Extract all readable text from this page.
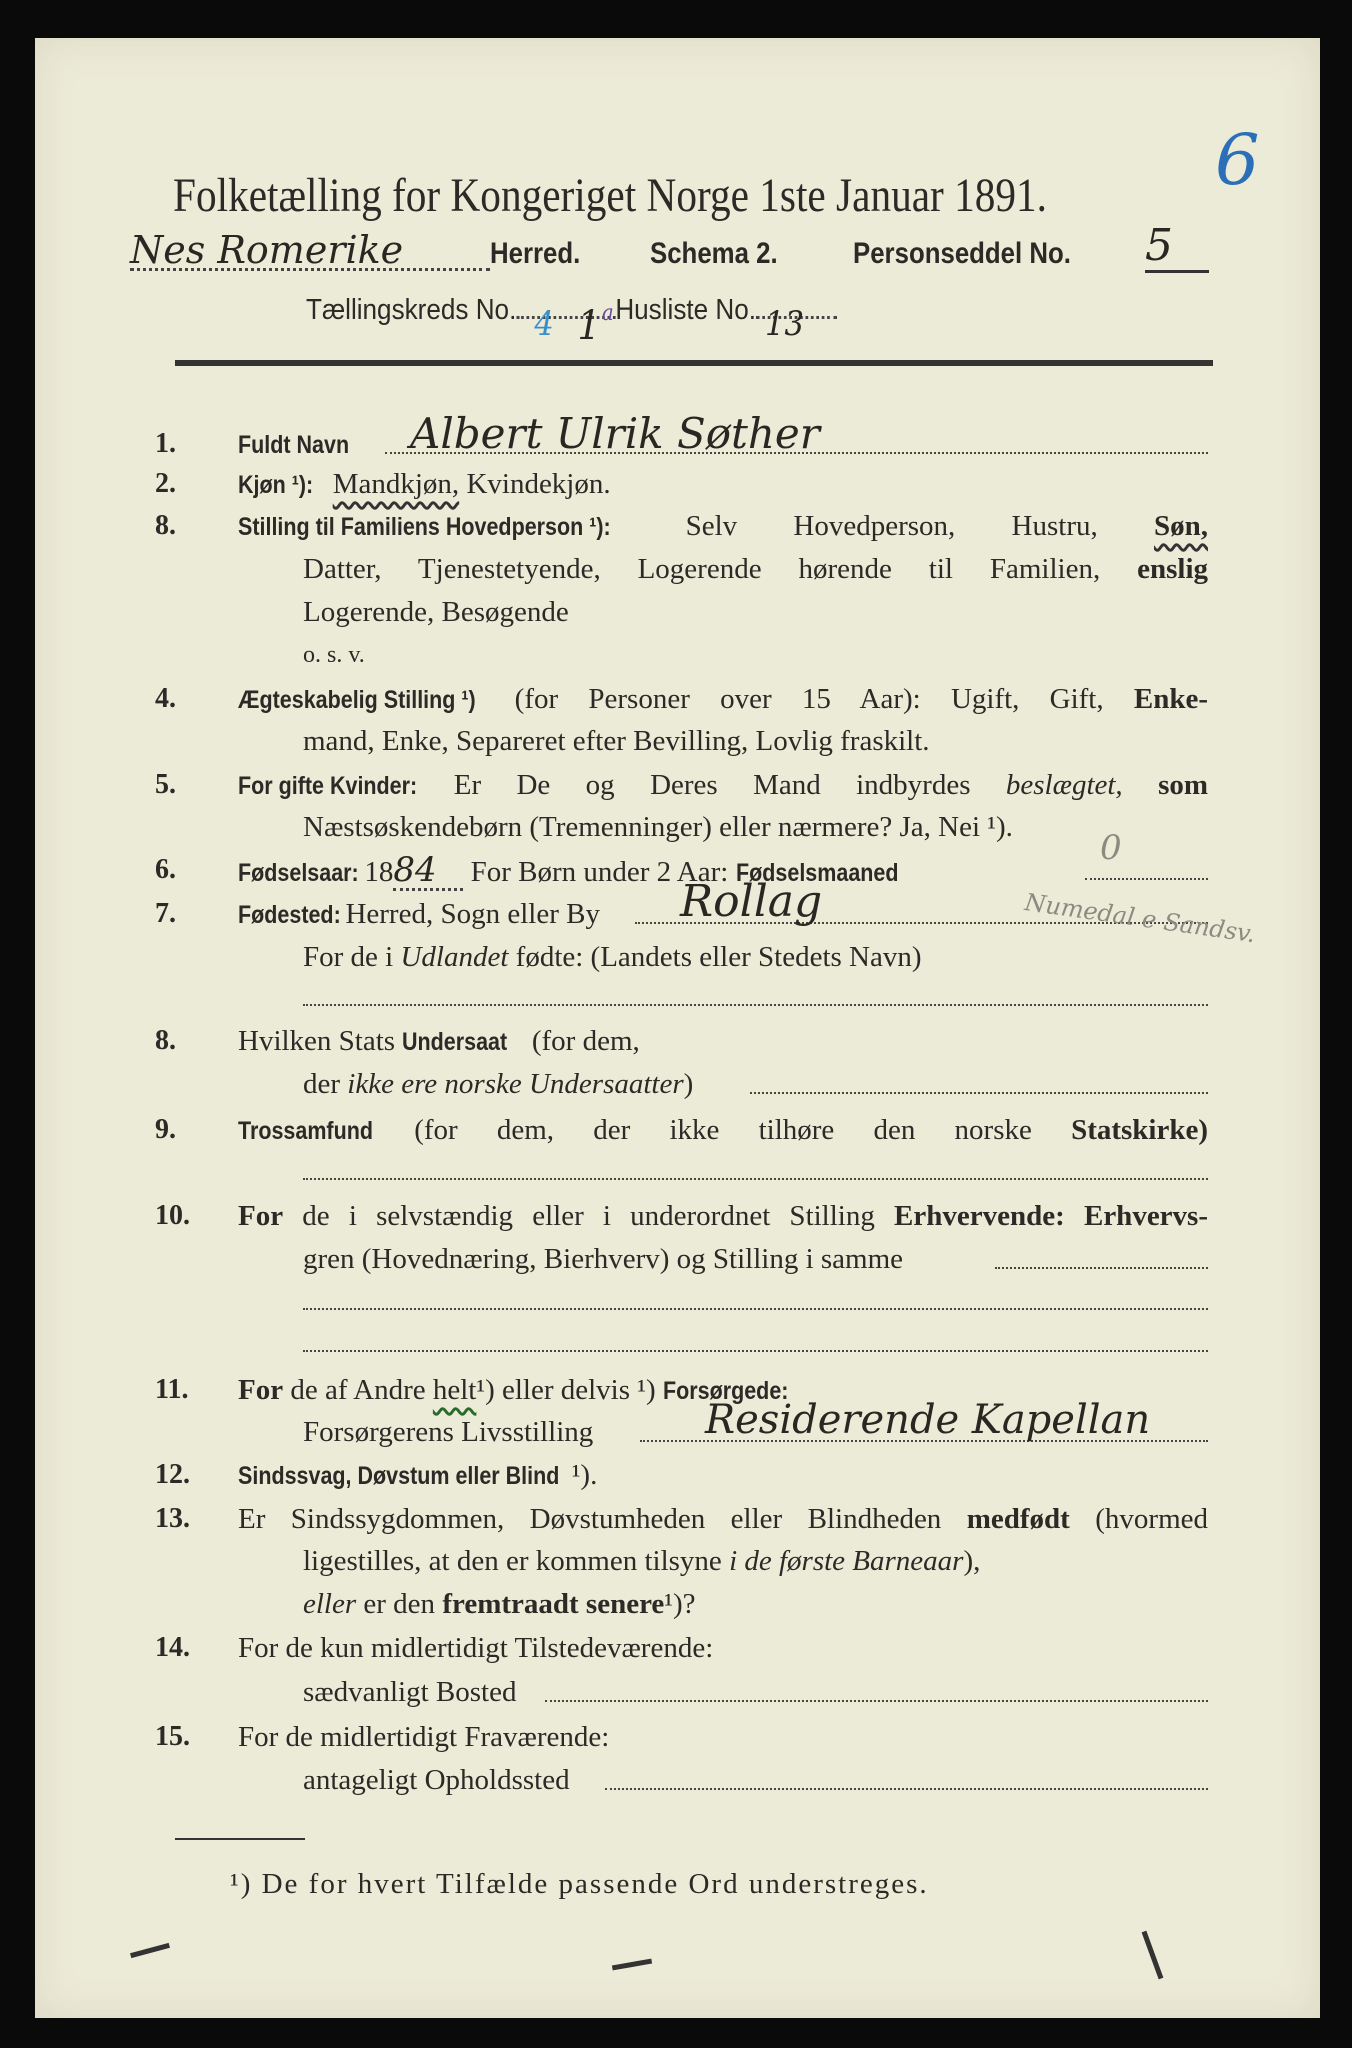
Folketælling for Kongeriget Norge 1ste Januar 1891. 6
Nes Romerike	Herred.	Schema 2.	Personseddel No. 5
Tællingskreds No. 4 1 a Husliste No. 13
1. Fuldt Navn	Albert Ulrik Søther
2. Kjøn ¹): Mandkjøn, Kvindekjøn.
8. Stilling til Familiens Hovedperson ¹):	Selv Hovedperson, Hustru, Søn,
Datter, Tjenestetyende, Logerende hørende til Familien, enslig
Logerende, Besøgende
o. s. v.
4. Ægteskabelig Stilling ¹) (for Personer over 15 Aar): Ugift, Gift, Enke-
mand, Enke, Separeret efter Bevilling, Lovlig fraskilt.
5. For gifte Kvinder: Er De og Deres Mand indbyrdes beslægtet, som
Næstsøskendebørn (Tremenninger) eller nærmere? Ja, Nei ¹).
6. Fødselsaar: 1884 For Børn under 2 Aar: Fødselsmaaned
0
7. Fødested: Herred, Sogn eller By Rollag	Numedal e Sandsv.
For de i Udlandet fødte: (Landets eller Stedets Navn)
8. Hvilken Stats Undersaat (for dem,
der ikke ere norske Undersaatter)
9. Trossamfund (for dem, der ikke tilhøre den norske Statskirke)
10. For de i selvstændig eller i underordnet Stilling Erhvervende: Erhvervs-
gren (Hovednæring, Bierhverv) og Stilling i samme
11. For de af Andre helt¹) eller delvis ¹) Forsørgede:
Forsørgerens Livsstilling	Residerende Kapellan
12. Sindssvag, Døvstum eller Blind ¹).
13. Er Sindssygdommen, Døvstumheden eller Blindheden medfødt (hvormed
ligestilles, at den er kommen tilsyne i de første Barneaar),
eller er den fremtraadt senere¹)?
14. For de kun midlertidigt Tilstedeværende:
sædvanligt Bosted
15. For de midlertidigt Fraværende:
antageligt Opholdssted
¹) De for hvert Tilfælde passende Ord understreges.
